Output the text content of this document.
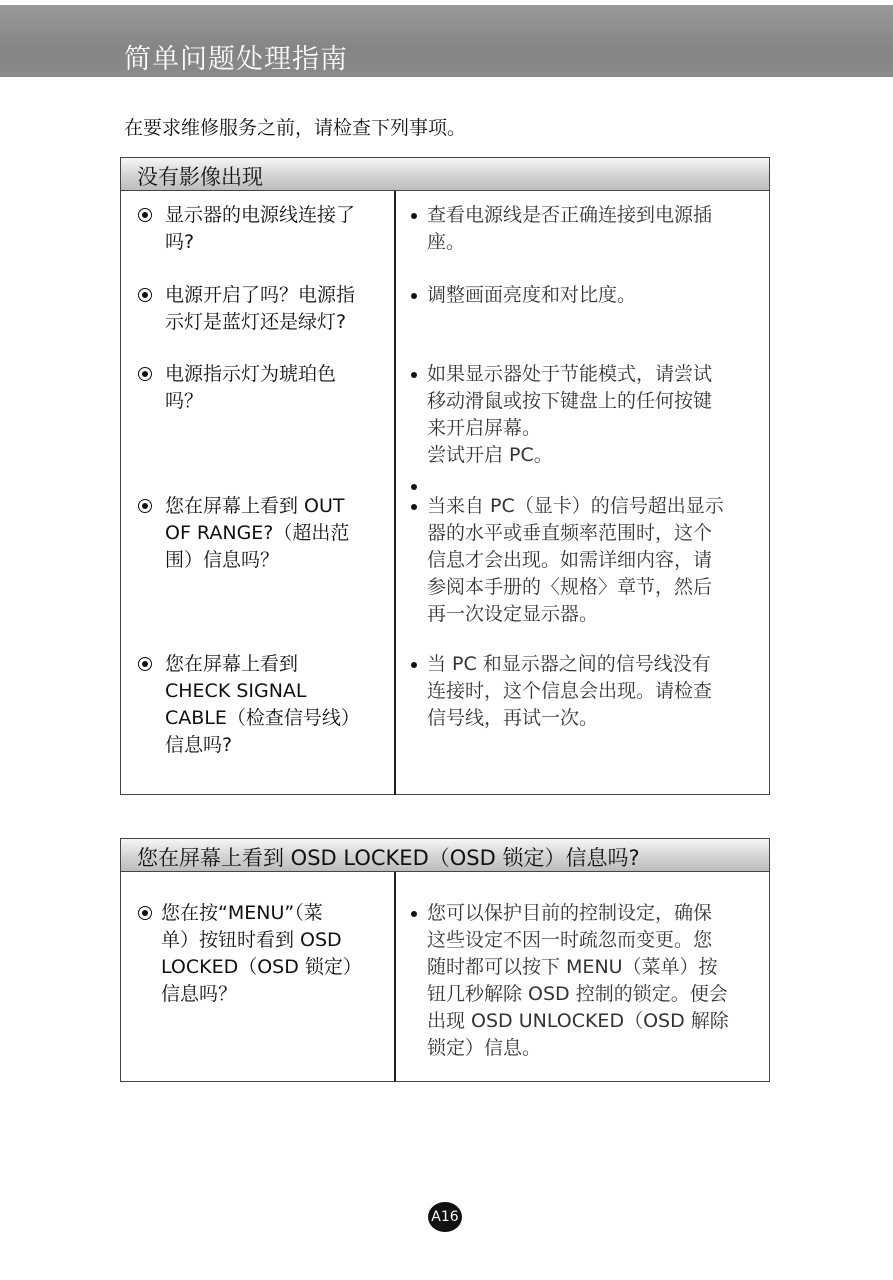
简单问题处理指南
在要求维修服务之前，请检查下列事项。
没有影像出现
显示器的电源线连接了
吗?
查看电源线是否正确连接到电源插
座。
电源开启了吗？电源指
示灯是蓝灯还是绿灯?
调整画面亮度和对比度。
电源指示灯为琥珀色
吗？
如果显示器处于节能模式，请尝试
移动滑鼠或按下键盘上的任何按键
来开启屏幕。
尝试开启 PC。
您在屏幕上看到 OUT
OF RANGE?（超出范
围）信息吗？
当来自 PC（显卡）的信号超出显示
器的水平或垂直频率范围时，这个
信息才会出现。如需详细内容，请
参阅本手册的〈规格〉章节，然后
再一次设定显示器。
您在屏幕上看到
CHECK SIGNAL
CABLE（检查信号线）
信息吗?
当 PC 和显示器之间的信号线没有
连接时，这个信息会出现。请检查
信号线，再试一次。
您在屏幕上看到 OSD LOCKED（OSD 锁定）信息吗?
您在按“MENU”（菜
单）按钮时看到 OSD
LOCKED（OSD 锁定）
信息吗？
您可以保护目前的控制设定，确保
这些设定不因一时疏忽而变更。您
随时都可以按下 MENU（菜单）按
钮几秒解除 OSD 控制的锁定。便会
出现 OSD UNLOCKED（OSD 解除
锁定）信息。
A16
